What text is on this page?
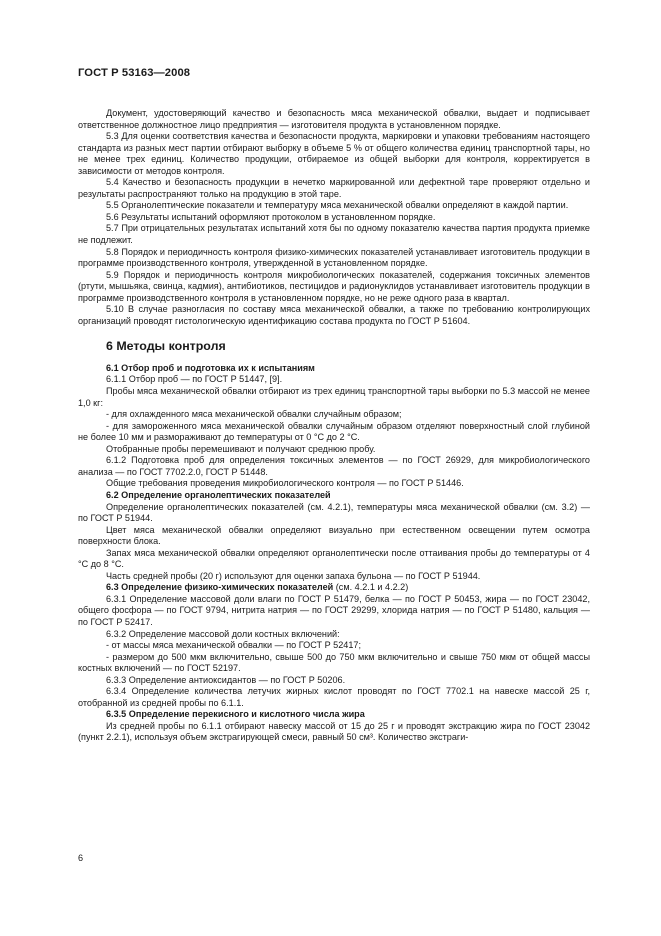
ГОСТ Р 53163—2008

Документ, удостоверяющий качество и безопасность мяса механической обвалки, выдает и подписывает ответственное должностное лицо предприятия — изготовителя продукта в установленном порядке.

5.3 Для оценки соответствия качества и безопасности продукта, маркировки и упаковки требованиям настоящего стандарта из разных мест партии отбирают выборку в объеме 5 % от общего количества единиц транспортной тары, но не менее трех единиц. Количество продукции, отбираемое из общей выборки для контроля, корректируется в зависимости от методов контроля.

5.4 Качество и безопасность продукции в нечетко маркированной или дефектной таре проверяют отдельно и результаты распространяют только на продукцию в этой таре.

5.5 Органолептические показатели и температуру мяса механической обвалки определяют в каждой партии.

5.6 Результаты испытаний оформляют протоколом в установленном порядке.

5.7 При отрицательных результатах испытаний хотя бы по одному показателю качества партия продукта приемке не подлежит.

5.8 Порядок и периодичность контроля физико-химических показателей устанавливает изготовитель продукции в программе производственного контроля, утвержденной в установленном порядке.

5.9 Порядок и периодичность контроля микробиологических показателей, содержания токсичных элементов (ртути, мышьяка, свинца, кадмия), антибиотиков, пестицидов и радионуклидов устанавливает изготовитель продукции в программе производственного контроля в установленном порядке, но не реже одного раза в квартал.

5.10 В случае разногласия по составу мяса механической обвалки, а также по требованию контролирующих организаций проводят гистологическую идентификацию состава продукта по ГОСТ Р 51604.

6 Методы контроля

6.1 Отбор проб и подготовка их к испытаниям

6.1.1 Отбор проб — по ГОСТ Р 51447, [9].

Пробы мяса механической обвалки отбирают из трех единиц транспортной тары выборки по 5.3 массой не менее 1,0 кг:

- для охлажденного мяса механической обвалки случайным образом;

- для замороженного мяса механической обвалки случайным образом отделяют поверхностный слой глубиной не более 10 мм и размораживают до температуры от 0 °С до 2 °С.

Отобранные пробы перемешивают и получают среднюю пробу.

6.1.2 Подготовка проб для определения токсичных элементов — по ГОСТ 26929, для микробиологического анализа — по ГОСТ 7702.2.0, ГОСТ Р 51448.

Общие требования проведения микробиологического контроля — по ГОСТ Р 51446.

6.2 Определение органолептических показателей

Определение органолептических показателей (см. 4.2.1), температуры мяса механической обвалки (см. 3.2) — по ГОСТ Р 51944.

Цвет мяса механической обвалки определяют визуально при естественном освещении путем осмотра поверхности блока.

Запах мяса механической обвалки определяют органолептически после оттаивания пробы до температуры от 4 °С до 8 °С.

Часть средней пробы (20 г) используют для оценки запаха бульона — по ГОСТ Р 51944.

6.3 Определение физико-химических показателей (см. 4.2.1 и 4.2.2)

6.3.1 Определение массовой доли влаги по ГОСТ Р 51479, белка — по ГОСТ Р 50453, жира — по ГОСТ 23042, общего фосфора — по ГОСТ 9794, нитрита натрия — по ГОСТ 29299, хлорида натрия — по ГОСТ Р 51480, кальция — по ГОСТ Р 52417.

6.3.2 Определение массовой доли костных включений:

- от массы мяса механической обвалки — по ГОСТ Р 52417;

- размером до 500 мкм включительно, свыше 500 до 750 мкм включительно и свыше 750 мкм от общей массы костных включений — по ГОСТ 52197.

6.3.3 Определение антиоксидантов — по ГОСТ Р 50206.

6.3.4 Определение количества летучих жирных кислот проводят по ГОСТ 7702.1 на навеске массой 25 г, отобранной из средней пробы по 6.1.1.

6.3.5 Определение перекисного и кислотного числа жира

Из средней пробы по 6.1.1 отбирают навеску массой от 15 до 25 г и проводят экстракцию жира по ГОСТ 23042 (пункт 2.2.1), используя объем экстрагирующей смеси, равный 50 см³. Количество экстраги-

6
